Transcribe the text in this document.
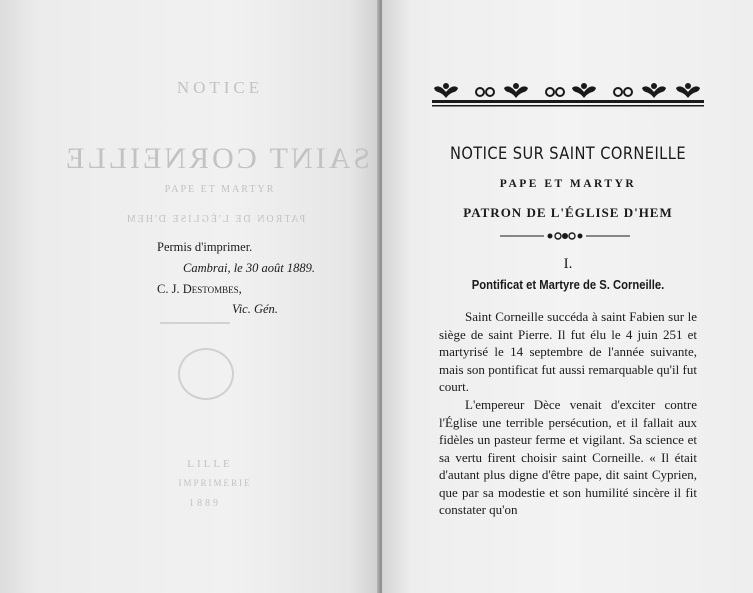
NOTICE
SAINT CORNEILLE
PAPE ET MARTYR
PATRON DE L'ÉGLISE D'HEM
LILLE
IMPRIMERIE
1889
Permis d'imprimer.
Cambrai, le 30 août 1889.
C. J. Destombes,
Vic. Gén.
NOTICE SUR SAINT CORNEILLE
PAPE ET MARTYR
PATRON DE L'ÉGLISE D'HEM
I.
Pontificat et Martyre de S. Corneille.

Saint Corneille succéda à saint Fabien sur le siège de saint Pierre. Il fut élu le 4 juin 251 et martyrisé le 14 septembre de l'année suivante, mais son pontificat fut aussi remarquable qu'il fut court.

L'empereur Dèce venait d'exciter contre l'Église une terrible persécution, et il fallait aux fidèles un pasteur ferme et vigilant. Sa science et sa vertu firent choisir saint Corneille. « Il était d'autant plus digne d'être pape, dit saint Cyprien, que par sa modestie et son humilité sincère il fit constater qu'on
